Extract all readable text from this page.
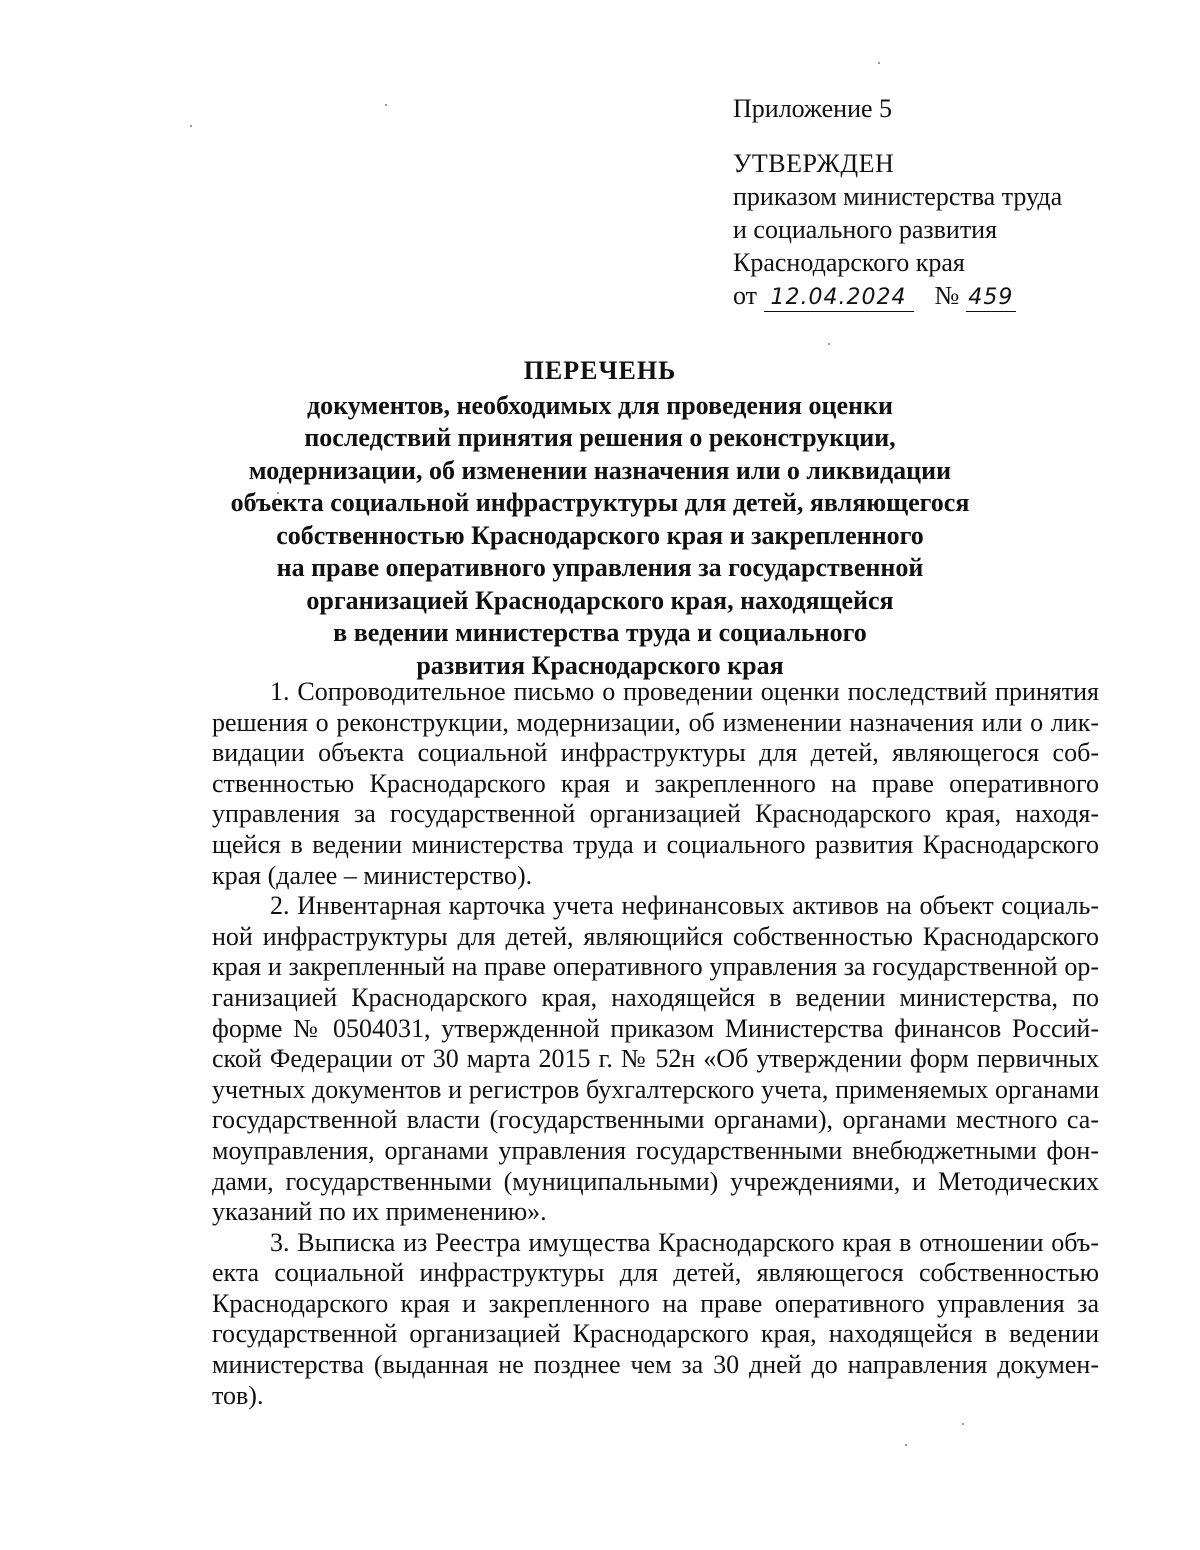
Приложение 5

УТВЕРЖДЕН

приказом министерства труда

и социального развития

Краснодарского края

от 12.04.2024 № 459

ПЕРЕЧЕНЬ

документов, необходимых для проведения оценки

последствий принятия решения о реконструкции,

модернизации, об изменении назначения или о ликвидации

объекта социальной инфраструктуры для детей, являющегося

собственностью Краснодарского края и закрепленного

на праве оперативного управления за государственной

организацией Краснодарского края, находящейся

в ведении министерства труда и социального

развития Краснодарского края

1. Сопроводительное письмо о проведении оценки последствий принятия решения о реконструкции, модернизации, об изменении назначения или о ликвидации объекта социальной инфраструктуры для детей, являющегося собственностью Краснодарского края и закрепленного на праве оперативного управления за государственной организацией Краснодарского края, находящейся в ведении министерства труда и социального развития Краснодарского края (далее – министерство).

2. Инвентарная карточка учета нефинансовых активов на объект социальной инфраструктуры для детей, являющийся собственностью Краснодарского края и закрепленный на праве оперативного управления за государственной организацией Краснодарского края, находящейся в ведении министерства, по форме № 0504031, утвержденной приказом Министерства финансов Российской Федерации от 30 марта 2015 г. № 52н «Об утверждении форм первичных учетных документов и регистров бухгалтерского учета, применяемых органами государственной власти (государственными органами), органами местного самоуправления, органами управления государственными внебюджетными фондами, государственными (муниципальными) учреждениями, и Методических указаний по их применению».

3. Выписка из Реестра имущества Краснодарского края в отношении объекта социальной инфраструктуры для детей, являющегося собственностью Краснодарского края и закрепленного на праве оперативного управления за государственной организацией Краснодарского края, находящейся в ведении министерства (выданная не позднее чем за 30 дней до направления документов).
